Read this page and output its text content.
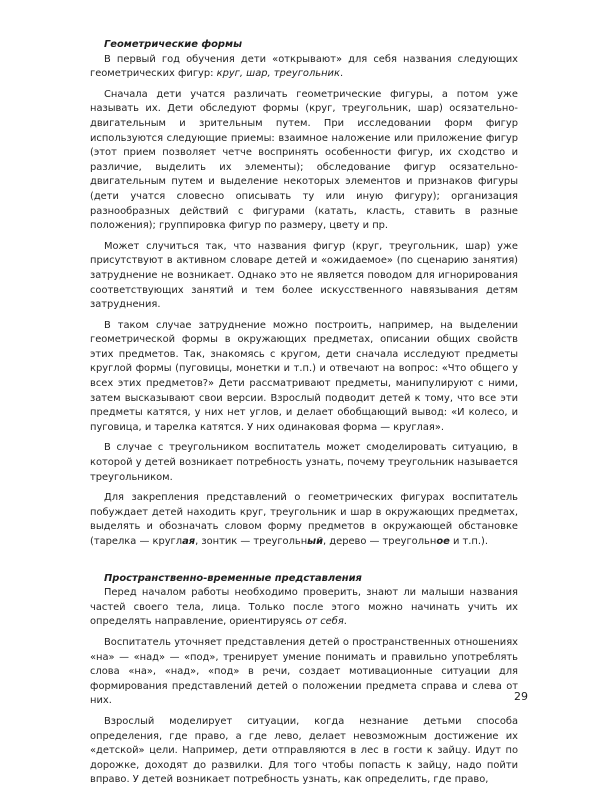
Геометрические формы

В первый год обучения дети «открывают» для себя названия следующих геометрических фигур: круг, шар, треугольник.

Сначала дети учатся различать геометрические фигуры, а потом уже называть их. Дети обследуют формы (круг, треугольник, шар) осязательно-двигательным и зрительным путем. При исследовании форм фигур используются следующие приемы: взаимное наложение или приложение фигур (этот прием позволяет четче воспринять особенности фигур, их сходство и различие, выделить их элементы); обследование фигур осязательно-двигательным путем и выделение некоторых элементов и признаков фигуры (дети учатся словесно описывать ту или иную фигуру); организация разнообразных действий с фигурами (катать, класть, ставить в разные положения); группировка фигур по размеру, цвету и пр.

Может случиться так, что названия фигур (круг, треугольник, шар) уже присутствуют в активном словаре детей и «ожидаемое» (по сценарию занятия) затруднение не возникает. Однако это не является поводом для игнорирования соответствующих занятий и тем более искусственного навязывания детям затруднения.

В таком случае затруднение можно построить, например, на выделении геометрической формы в окружающих предметах, описании общих свойств этих предметов. Так, знакомясь с кругом, дети сначала исследуют предметы круглой формы (пуговицы, монетки и т.п.) и отвечают на вопрос: «Что общего у всех этих предметов?» Дети рассматривают предметы, манипулируют с ними, затем высказывают свои версии. Взрослый подводит детей к тому, что все эти предметы катятся, у них нет углов, и делает обобщающий вывод: «И колесо, и пуговица, и тарелка катятся. У них одинаковая форма — круглая».

В случае с треугольником воспитатель может смоделировать ситуацию, в которой у детей возникает потребность узнать, почему треугольник называется треугольником.

Для закрепления представлений о геометрических фигурах воспитатель побуждает детей находить круг, треугольник и шар в окружающих предметах, выделять и обозначать словом форму предметов в окружающей обстановке (тарелка — круглая, зонтик — треугольный, дерево — треугольное и т.п.).

Пространственно-временные представления

Перед началом работы необходимо проверить, знают ли малыши названия частей своего тела, лица. Только после этого можно начинать учить их определять направление, ориентируясь от себя.

Воспитатель уточняет представления детей о пространственных отношениях «на» — «над» — «под», тренирует умение понимать и правильно употреблять слова «на», «над», «под» в речи, создает мотивационные ситуации для формирования представлений детей о положении предмета справа и слева от них.

Взрослый моделирует ситуации, когда незнание детьми способа определения, где право, а где лево, делает невозможным достижение их «детской» цели. Например, дети отправляются в лес в гости к зайцу. Идут по дорожке, доходят до развилки. Для того чтобы попасть к зайцу, надо пойти вправо. У детей возникает потребность узнать, как определить, где право,

29
